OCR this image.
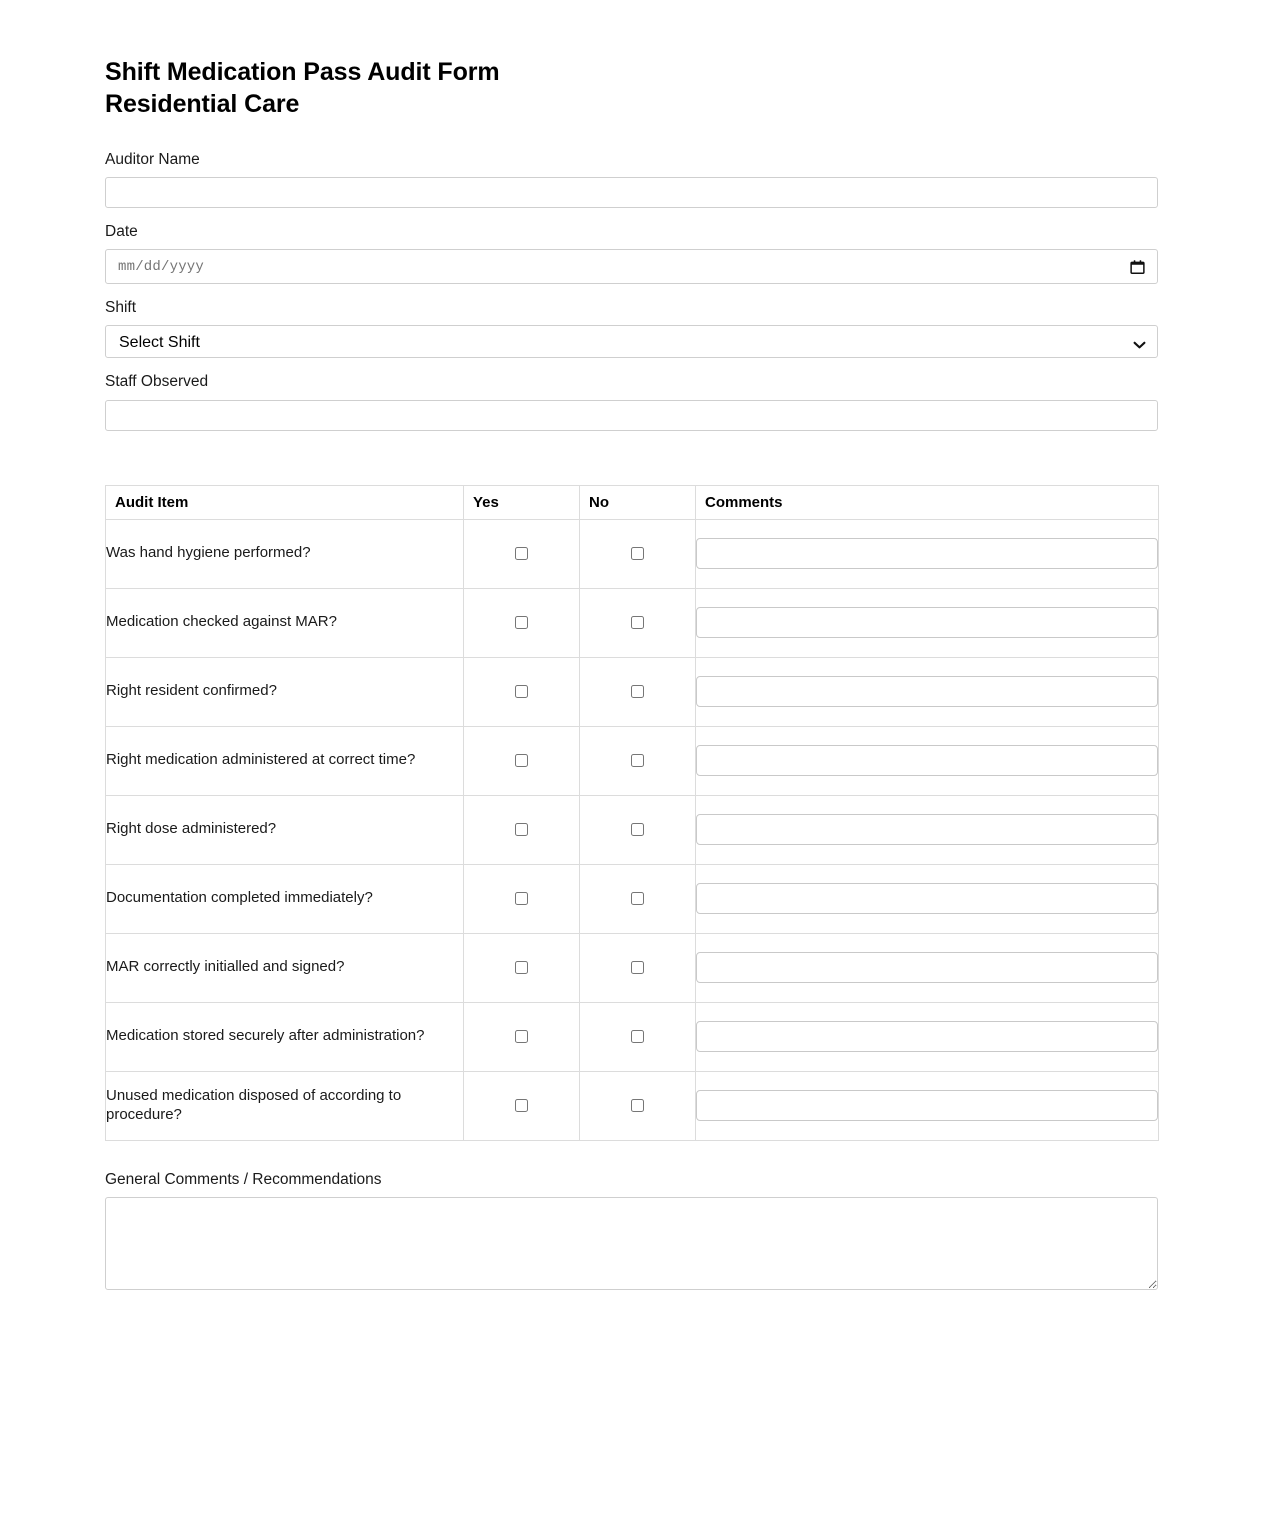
Shift Medication Pass Audit Form
Residential Care
Auditor Name
Date
mm/dd/yyyy
Shift
Select Shift
Staff Observed
Audit Item	Yes	No	Comments
Was hand hygiene performed?			

Medication checked against MAR?			

Right resident confirmed?			

Right medication administered at correct time?			

Right dose administered?			

Documentation completed immediately?			

MAR correctly initialled and signed?			

Medication stored securely after administration?			

Unused medication disposed of according to procedure?			
General Comments / Recommendations
